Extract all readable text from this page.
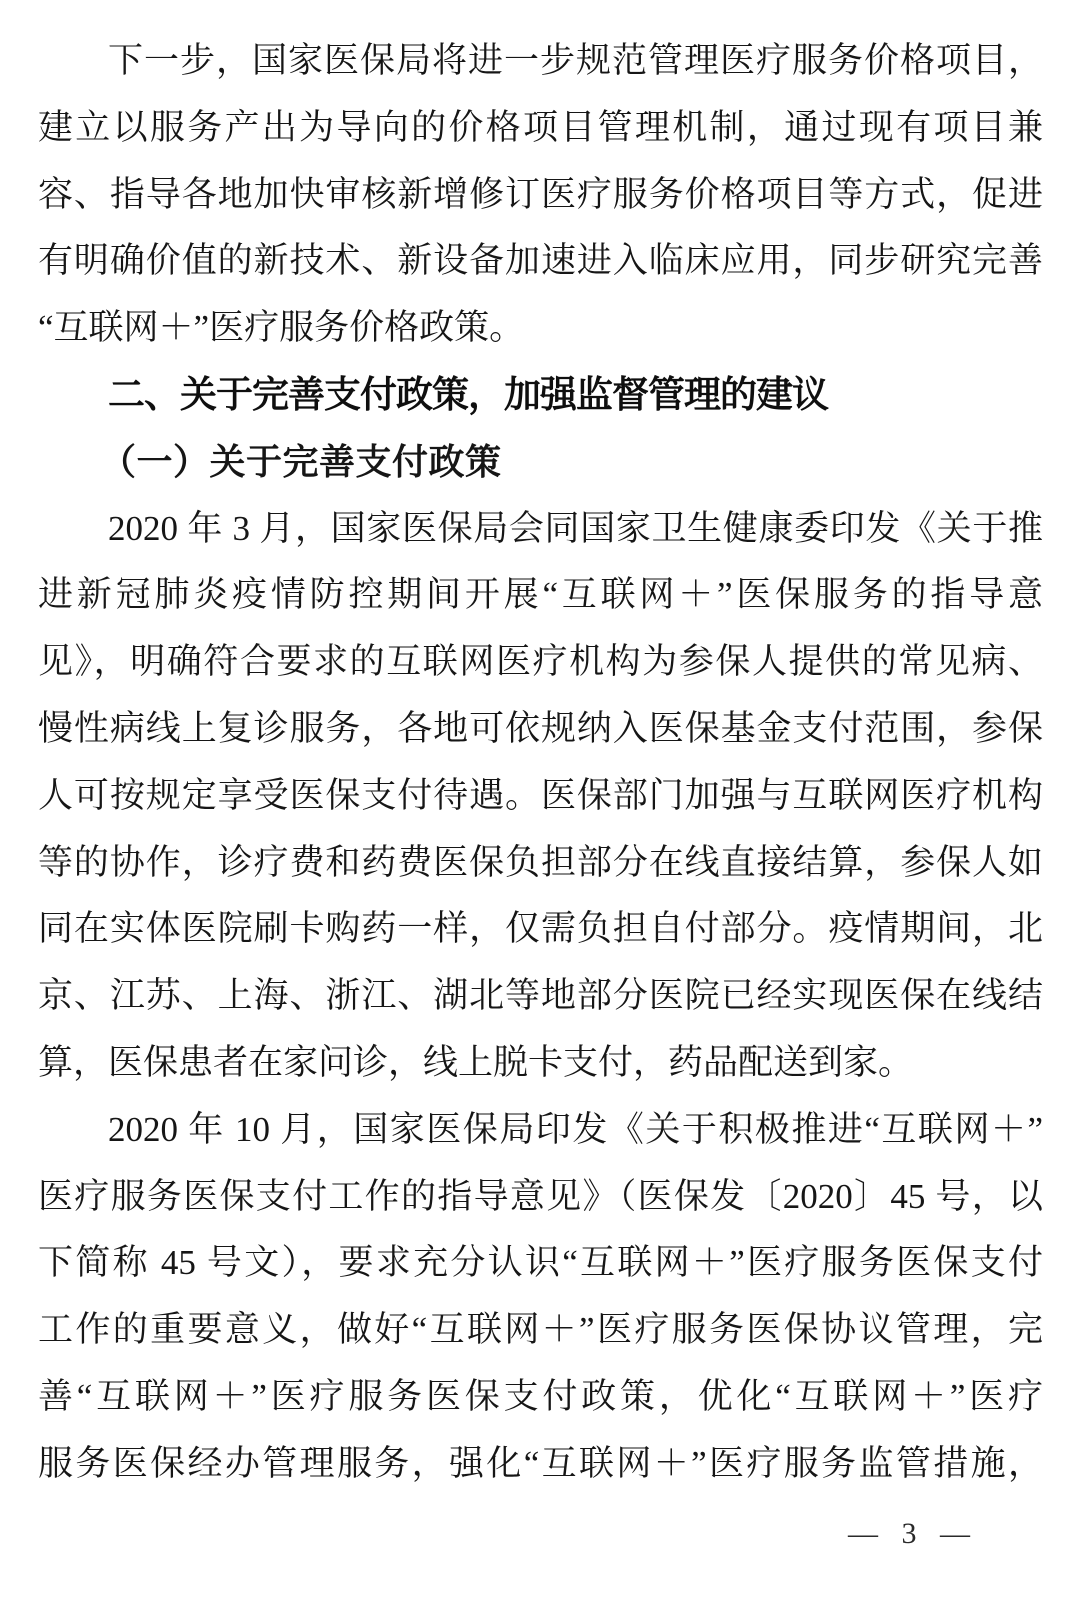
下一步，国家医保局将进一步规范管理医疗服务价格项目，
建立以服务产出为导向的价格项目管理机制，通过现有项目兼
容、指导各地加快审核新增修订医疗服务价格项目等方式，促进
有明确价值的新技术、新设备加速进入临床应用，同步研究完善
“互联网＋”医疗服务价格政策。
二、关于完善支付政策，加强监督管理的建议
（一）关于完善支付政策
2020 年 3 月，国家医保局会同国家卫生健康委印发《关于推
进新冠肺炎疫情防控期间开展“互联网＋”医保服务的指导意
见》，明确符合要求的互联网医疗机构为参保人提供的常见病、
慢性病线上复诊服务，各地可依规纳入医保基金支付范围，参保
人可按规定享受医保支付待遇。医保部门加强与互联网医疗机构
等的协作，诊疗费和药费医保负担部分在线直接结算，参保人如
同在实体医院刷卡购药一样，仅需负担自付部分。疫情期间，北
京、江苏、上海、浙江、湖北等地部分医院已经实现医保在线结
算，医保患者在家问诊，线上脱卡支付，药品配送到家。
2020 年 10 月，国家医保局印发《关于积极推进“互联网＋”
医疗服务医保支付工作的指导意见》（医保发〔2020〕45 号，以
下简称 45 号文），要求充分认识“互联网＋”医疗服务医保支付
工作的重要意义，做好“互联网＋”医疗服务医保协议管理，完
善“互联网＋”医疗服务医保支付政策，优化“互联网＋”医疗
服务医保经办管理服务，强化“互联网＋”医疗服务监管措施，
— 3 —
